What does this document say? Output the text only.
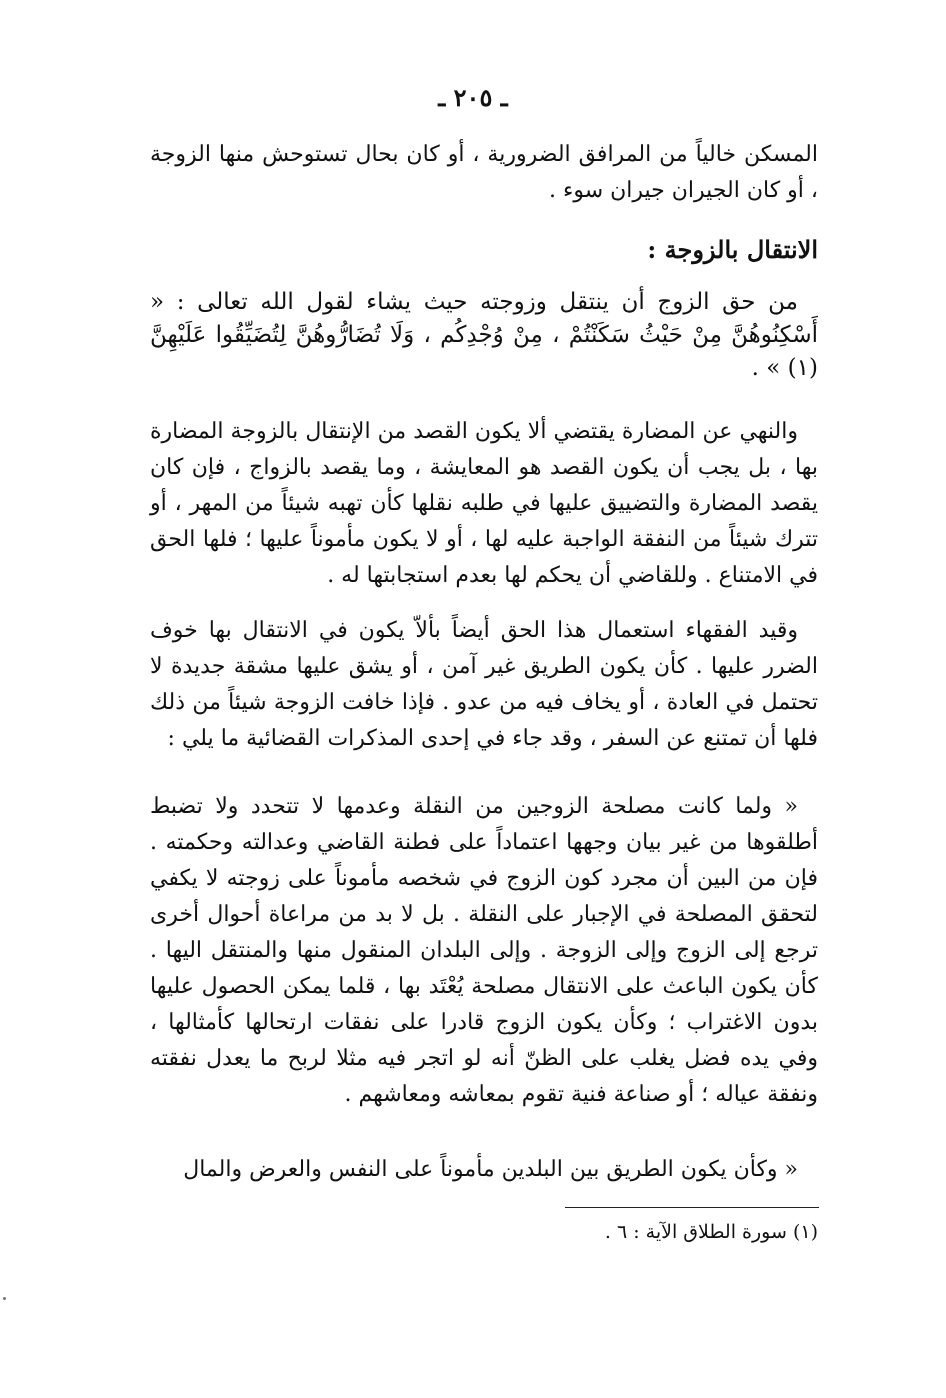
ـ ٢٠٥ ـ
المسكن خالياً من المرافق الضرورية ، أو كان بحال تستوحش منها الزوجة ، أو كان الجيران جيران سوء .
الانتقال بالزوجة :
من حق الزوج أن ينتقل وزوجته حيث يشاء لقول الله تعالى : « أَسْكِنُوهُنَّ مِنْ حَيْثُ سَكَنْتُمْ ، مِنْ وُجْدِكُم ، وَلَا تُضَارُّوهُنَّ لِتُضَيِّقُوا عَلَيْهِنَّ (١) » .
والنهي عن المضارة يقتضي ألا يكون القصد من الإنتقال بالزوجة المضارة بها ، بل يجب أن يكون القصد هو المعايشة ، وما يقصد بالزواج ، فإن كان يقصد المضارة والتضييق عليها في طلبه نقلها كأن تهبه شيئاً من المهر ، أو تترك شيئاً من النفقة الواجبة عليه لها ، أو لا يكون مأموناً عليها ؛ فلها الحق في الامتناع . وللقاضي أن يحكم لها بعدم استجابتها له .
وقيد الفقهاء استعمال هذا الحق أيضاً بألاّ يكون في الانتقال بها خوف الضرر عليها . كأن يكون الطريق غير آمن ، أو يشق عليها مشقة جديدة لا تحتمل في العادة ، أو يخاف فيه من عدو . فإذا خافت الزوجة شيئاً من ذلك فلها أن تمتنع عن السفر ، وقد جاء في إحدى المذكرات القضائية ما يلي :
« ولما كانت مصلحة الزوجين من النقلة وعدمها لا تتحدد ولا تضبط أطلقوها من غير بيان وجهها اعتماداً على فطنة القاضي وعدالته وحكمته . فإن من البين أن مجرد كون الزوج في شخصه مأموناً على زوجته لا يكفي لتحقق المصلحة في الإجبار على النقلة . بل لا بد من مراعاة أحوال أخرى ترجع إلى الزوج وإلى الزوجة . وإلى البلدان المنقول منها والمنتقل اليها . كأن يكون الباعث على الانتقال مصلحة يُعْتَد بها ، قلما يمكن الحصول عليها بدون الاغتراب ؛ وكأن يكون الزوج قادرا على نفقات ارتحالها كأمثالها ، وفي يده فضل يغلب على الظنّ أنه لو اتجر فيه مثلا لربح ما يعدل نفقته ونفقة عياله ؛ أو صناعة فنية تقوم بمعاشه ومعاشهم .
« وكأن يكون الطريق بين البلدين مأموناً على النفس والعرض والمال
(١) سورة الطلاق الآية : ٦ .
